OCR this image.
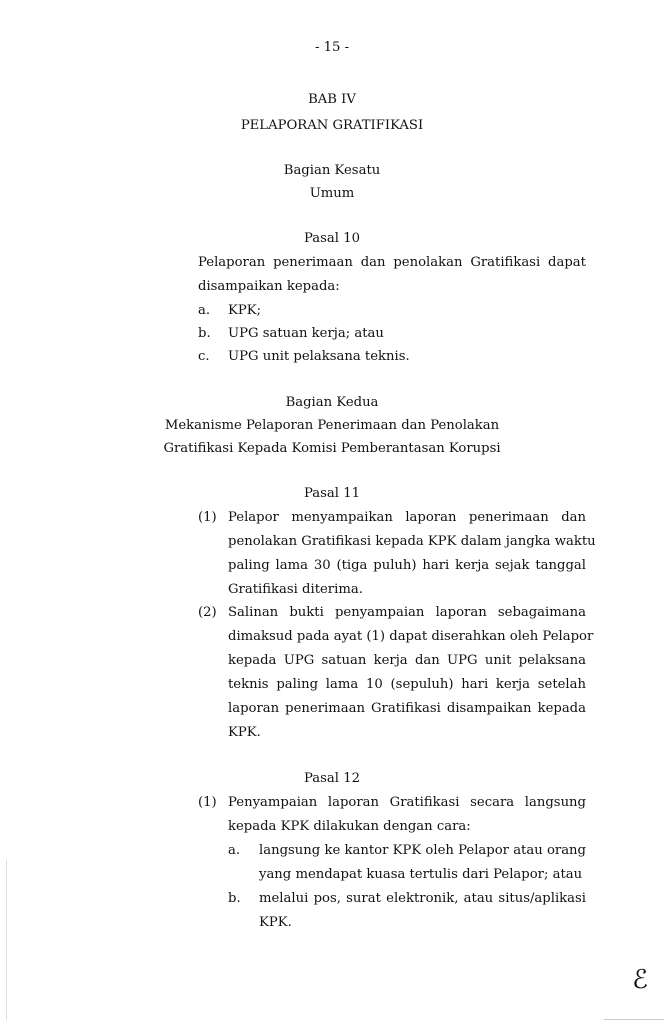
- 15 -
BAB IV
PELAPORAN GRATIFIKASI
Bagian Kesatu
Umum
Pasal 10
Pelaporan penerimaan dan penolakan Gratifikasi dapat
disampaikan kepada:
a. KPK;
b. UPG satuan kerja; atau
c. UPG unit pelaksana teknis.
Bagian Kedua
Mekanisme Pelaporan Penerimaan dan Penolakan
Gratifikasi Kepada Komisi Pemberantasan Korupsi
Pasal 11
(1) Pelapor menyampaikan laporan penerimaan dan
penolakan Gratifikasi kepada KPK dalam jangka waktu
paling lama 30 (tiga puluh) hari kerja sejak tanggal
Gratifikasi diterima.
(2) Salinan bukti penyampaian laporan sebagaimana
dimaksud pada ayat (1) dapat diserahkan oleh Pelapor
kepada UPG satuan kerja dan UPG unit pelaksana
teknis paling lama 10 (sepuluh) hari kerja setelah
laporan penerimaan Gratifikasi disampaikan kepada
KPK.
Pasal 12
(1) Penyampaian laporan Gratifikasi secara langsung
kepada KPK dilakukan dengan cara:
a. langsung ke kantor KPK oleh Pelapor atau orang
yang mendapat kuasa tertulis dari Pelapor; atau
b. melalui pos, surat elektronik, atau situs/aplikasi
KPK.
ℰ
